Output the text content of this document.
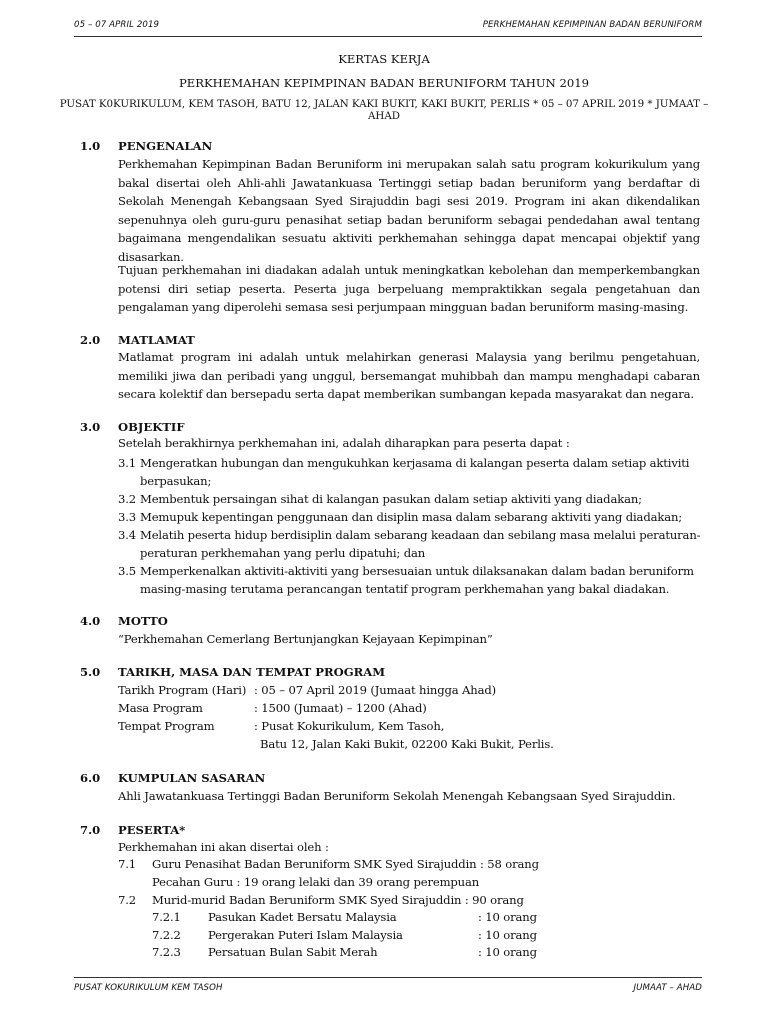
05 – 07 APRIL 2019	PERKHEMAHAN KEPIMPINAN BADAN BERUNIFORM
KERTAS KERJA
PERKHEMAHAN KEPIMPINAN BADAN BERUNIFORM TAHUN 2019
PUSAT K0KURIKULUM, KEM TASOH, BATU 12, JALAN KAKI BUKIT, KAKI BUKIT, PERLIS * 05 – 07 APRIL 2019 * JUMAAT – AHAD
1.0 PENGENALAN

Perkhemahan Kepimpinan Badan Beruniform ini merupakan salah satu program kokurikulum yang bakal disertai oleh Ahli-ahli Jawatankuasa Tertinggi setiap badan beruniform yang berdaftar di Sekolah Menengah Kebangsaan Syed Sirajuddin bagi sesi 2019. Program ini akan dikendalikan sepenuhnya oleh guru-guru penasihat setiap badan beruniform sebagai pendedahan awal tentang bagaimana mengendalikan sesuatu aktiviti perkhemahan sehingga dapat mencapai objektif yang disasarkan.

Tujuan perkhemahan ini diadakan adalah untuk meningkatkan kebolehan dan memperkembangkan potensi diri setiap peserta. Peserta juga berpeluang mempraktikkan segala pengetahuan dan pengalaman yang diperolehi semasa sesi perjumpaan mingguan badan beruniform masing-masing.

2.0 MATLAMAT

Matlamat program ini adalah untuk melahirkan generasi Malaysia yang berilmu pengetahuan, memiliki jiwa dan peribadi yang unggul, bersemangat muhibbah dan mampu menghadapi cabaran secara kolektif dan bersepadu serta dapat memberikan sumbangan kepada masyarakat dan negara.

3.0 OBJEKTIF
Setelah berakhirnya perkhemahan ini, adalah diharapkan para peserta dapat :
3.1 Mengeratkan hubungan dan mengukuhkan kerjasama di kalangan peserta dalam setiap aktiviti
berpasukan;
3.2 Membentuk persaingan sihat di kalangan pasukan dalam setiap aktiviti yang diadakan;
3.3 Memupuk kepentingan penggunaan dan disiplin masa dalam sebarang aktiviti yang diadakan;
3.4 Melatih peserta hidup berdisiplin dalam sebarang keadaan dan sebilang masa melalui peraturan-
peraturan perkhemahan yang perlu dipatuhi; dan
3.5 Memperkenalkan aktiviti-aktiviti yang bersesuaian untuk dilaksanakan dalam badan beruniform
masing-masing terutama perancangan tentatif program perkhemahan yang bakal diadakan.
4.0 MOTTO
“Perkhemahan Cemerlang Bertunjangkan Kejayaan Kepimpinan”
5.0 TARIKH, MASA DAN TEMPAT PROGRAM
Tarikh Program (Hari) : 05 – 07 April 2019 (Jumaat hingga Ahad)
Masa Program	: 1500 (Jumaat) – 1200 (Ahad)
Tempat Program	: Pusat Kokurikulum, Kem Tasoh,
Batu 12, Jalan Kaki Bukit, 02200 Kaki Bukit, Perlis.
6.0 KUMPULAN SASARAN
Ahli Jawatankuasa Tertinggi Badan Beruniform Sekolah Menengah Kebangsaan Syed Sirajuddin.
7.0 PESERTA*
Perkhemahan ini akan disertai oleh :
7.1 Guru Penasihat Badan Beruniform SMK Syed Sirajuddin : 58 orang
Pecahan Guru : 19 orang lelaki dan 39 orang perempuan
7.2 Murid-murid Badan Beruniform SMK Syed Sirajuddin : 90 orang
7.2.1 Pasukan Kadet Bersatu Malaysia	: 10 orang
7.2.2 Pergerakan Puteri Islam Malaysia	: 10 orang
7.2.3 Persatuan Bulan Sabit Merah	: 10 orang
PUSAT KOKURIKULUM KEM TASOH	JUMAAT – AHAD
